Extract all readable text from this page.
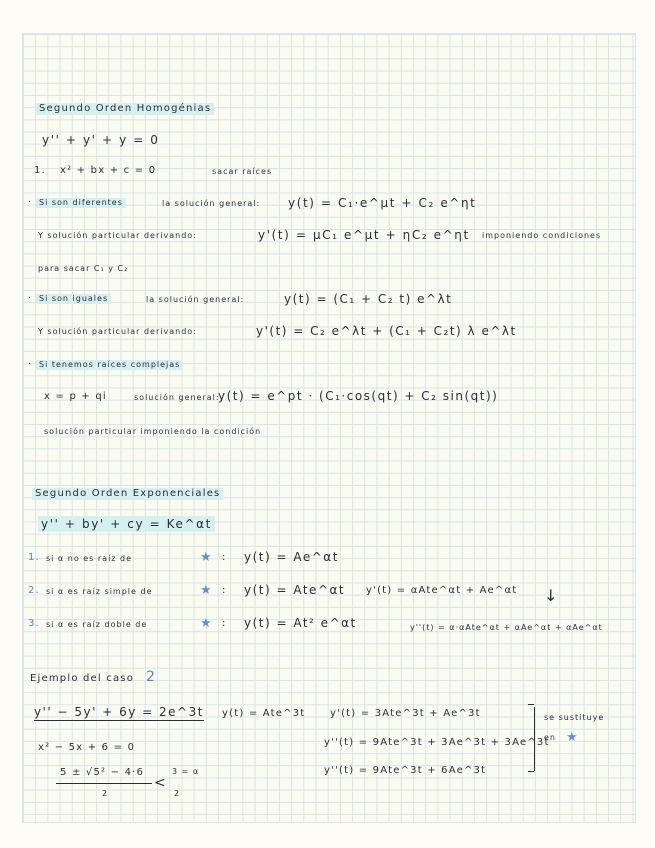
Segundo Orden Homogénias
y'' + y' + y = 0
1. x² + bx + c = 0	sacar raíces
· Si son diferentes	la solución general: y(t) = C₁·e^μt + C₂ e^ηt
Y solución particular derivando:	y'(t) = μC₁ e^μt + ηC₂ e^ηt imponiendo condiciones
para sacar C₁ y C₂
· Si son iguales	la solución general:	y(t) = (C₁ + C₂ t) e^λt
Y solución particular derivando:	y'(t) = C₂ e^λt + (C₁ + C₂t) λ e^λt
· Si tenemos raíces complejas
x = p + qi	solución general:
y(t) = e^pt · (C₁·cos(qt) + C₂ sin(qt))
solución particular imponiendo la condición
Segundo Orden Exponenciales
y'' + by' + cy = Ke^αt
1. si α no es raíz de	★ : y(t) = Ae^αt
2. si α es raíz simple de	★ : y(t) = Ate^αt y'(t) = αAte^αt + Ae^αt ↓
3. si α es raíz doble de	★ : y(t) = At² e^αt	y''(t) = α·αAte^αt + αAe^αt + αAe^αt
Ejemplo del caso 2
y'' − 5y' + 6y = 2e^3t y(t) = Ate^3t y'(t) = 3Ate^3t + Ae^3t
y''(t) = 9Ate^3t + 3Ae^3t + 3Ae^3t
y''(t) = 9Ate^3t + 6Ae^3t
se sustituye
en ★
x² − 5x + 6 = 0
5 ± √5² − 4·6
2
<
3 = α
2
